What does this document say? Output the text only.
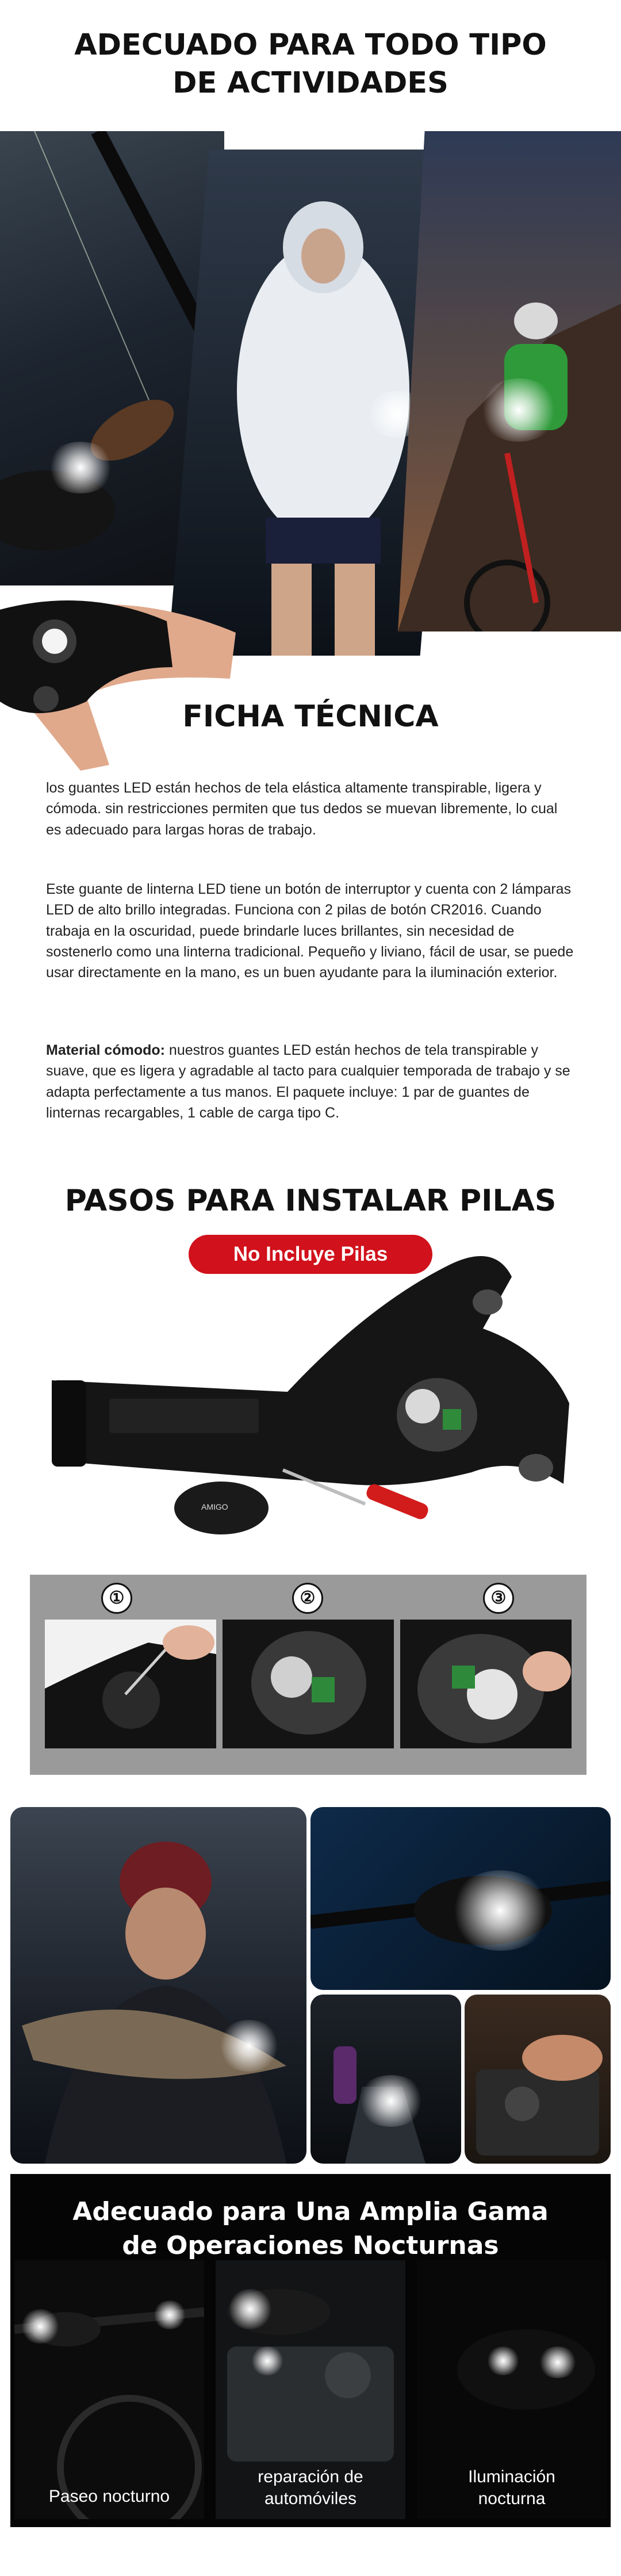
ADECUADO PARA TODO TIPO
DE ACTIVIDADES
FICHA TÉCNICA

los guantes LED están hechos de tela elástica altamente transpirable, ligera y cómoda. sin restricciones permiten que tus dedos se muevan libremente, lo cual es adecuado para largas horas de trabajo.

Este guante de linterna LED tiene un botón de interruptor y cuenta con 2 lámparas LED de alto brillo integradas. Funciona con 2 pilas de botón CR2016. Cuando trabaja en la oscuridad, puede brindarle luces brillantes, sin necesidad de sostenerlo como una linterna tradicional. Pequeño y liviano, fácil de usar, se puede usar directamente en la mano, es un buen ayudante para la iluminación exterior.

Material cómodo: nuestros guantes LED están hechos de tela transpirable y suave, que es ligera y agradable al tacto para cualquier temporada de trabajo y se adapta perfectamente a tus manos. El paquete incluye: 1 par de guantes de linternas recargables, 1 cable de carga tipo C.

PASOS PARA INSTALAR PILAS
No Incluye Pilas
AMIGO
①	②	③
Adecuado para Una Amplia Gama
de Operaciones Nocturnas
Paseo nocturno
reparación de
automóviles
Iluminación
nocturna
